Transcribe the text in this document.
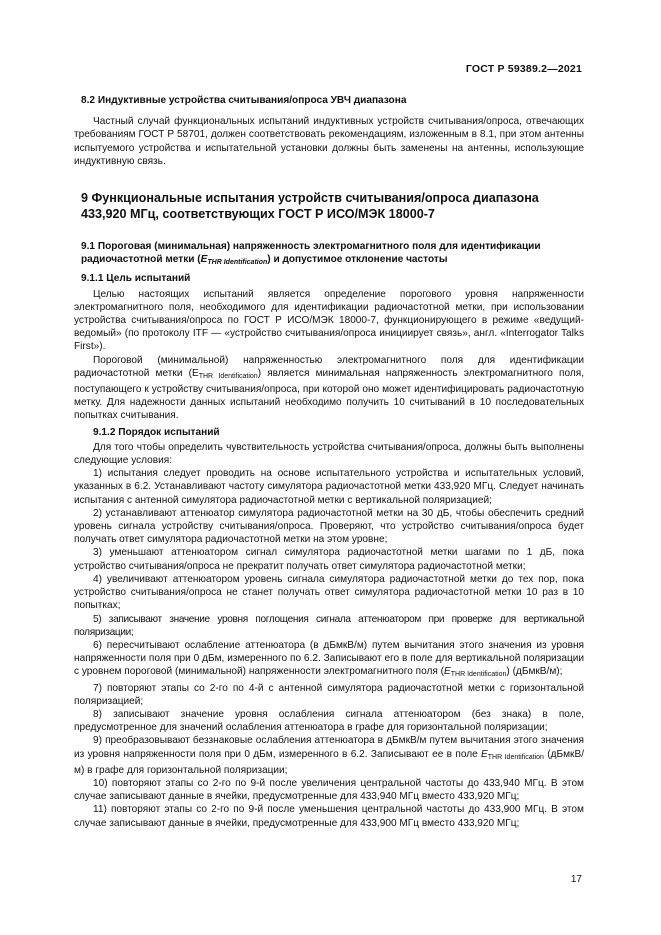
ГОСТ Р 59389.2—2021
8.2 Индуктивные устройства считывания/опроса УВЧ диапазона

Частный случай функциональных испытаний индуктивных устройств считывания/опроса, отвечающих требованиям ГОСТ Р 58701, должен соответствовать рекомендациям, изложенным в 8.1, при этом антенны испытуемого устройства и испытательной установки должны быть заменены на антенны, использующие индуктивную связь.

9 Функциональные испытания устройств считывания/опроса диапазона 433,920 МГц, соответствующих ГОСТ Р ИСО/МЭК 18000-7
9.1 Пороговая (минимальная) напряженность электромагнитного поля для идентификации радиочастотной метки $(E_{THR Identification})$ и допустимое отклонение частоты
9.1.1 Цель испытаний

Целью настоящих испытаний является определение порогового уровня напряженности электромагнитного поля, необходимого для идентификации радиочастотной метки, при использовании устройства считывания/опроса по ГОСТ Р ИСО/МЭК 18000-7, функционирующего в режиме «ведущий-ведомый» (по протоколу ITF — «устройство считывания/опроса инициирует связь», англ. «Interrogator Talks First»).

Пороговой (минимальной) напряженностью электромагнитного поля для идентификации радиочастотной метки $(E_{THR Identification})$ является минимальная напряженность электромагнитного поля, поступающего к устройству считывания/опроса, при которой оно может идентифицировать радиочастотную метку. Для надежности данных испытаний необходимо получить 10 считываний в 10 последовательных попытках считывания.

9.1.2 Порядок испытаний

Для того чтобы определить чувствительность устройства считывания/опроса, должны быть выполнены следующие условия:

1) испытания следует проводить на основе испытательного устройства и испытательных условий, указанных в 6.2. Устанавливают частоту симулятора радиочастотной метки 433,920 МГц. Следует начинать испытания с антенной симулятора радиочастотной метки с вертикальной поляризацией;

2) устанавливают аттенюатор симулятора радиочастотной метки на 30 дБ, чтобы обеспечить средний уровень сигнала устройству считывания/опроса. Проверяют, что устройство считывания/опроса будет получать ответ симулятора радиочастотной метки на этом уровне;

3) уменьшают аттенюатором сигнал симулятора радиочастотной метки шагами по 1 дБ, пока устройство считывания/опроса не прекратит получать ответ симулятора радиочастотной метки;

4) увеличивают аттенюатором уровень сигнала симулятора радиочастотной метки до тех пор, пока устройство считывания/опроса не станет получать ответ симулятора радиочастотной метки 10 раз в 10 попытках;

5) записывают значение уровня поглощения сигнала аттенюатором при проверке для вертикальной поляризации;

6) пересчитывают ослабление аттенюатора (в дБмкВ/м) путем вычитания этого значения из уровня напряженности поля при 0 дБм, измеренного по 6.2. Записывают его в поле для вертикальной поляризации с уровнем пороговой (минимальной) напряженности электромагнитного поля $(E_{THR Identification})$ (дБмкВ/м);

7) повторяют этапы со 2-го по 4-й с антенной симулятора радиочастотной метки с горизонтальной поляризацией;

8) записывают значение уровня ослабления сигнала аттенюатором (без знака) в поле, предусмотренное для значений ослабления аттенюатора в графе для горизонтальной поляризации;

9) преобразовывают беззнаковые ослабления аттенюатора в дБмкВ/м путем вычитания этого значения из уровня напряженности поля при 0 дБм, измеренного в 6.2. Записывают ее в поле $E_{THR Identification}$ (дБмкВ/м) в графе для горизонтальной поляризации;

10) повторяют этапы со 2-го по 9-й после увеличения центральной частоты до 433,940 МГц. В этом случае записывают данные в ячейки, предусмотренные для 433,940 МГц вместо 433,920 МГц;

11) повторяют этапы со 2-го по 9-й после уменьшения центральной частоты до 433,900 МГц. В этом случае записывают данные в ячейки, предусмотренные для 433,900 МГц вместо 433,920 МГц;

17
